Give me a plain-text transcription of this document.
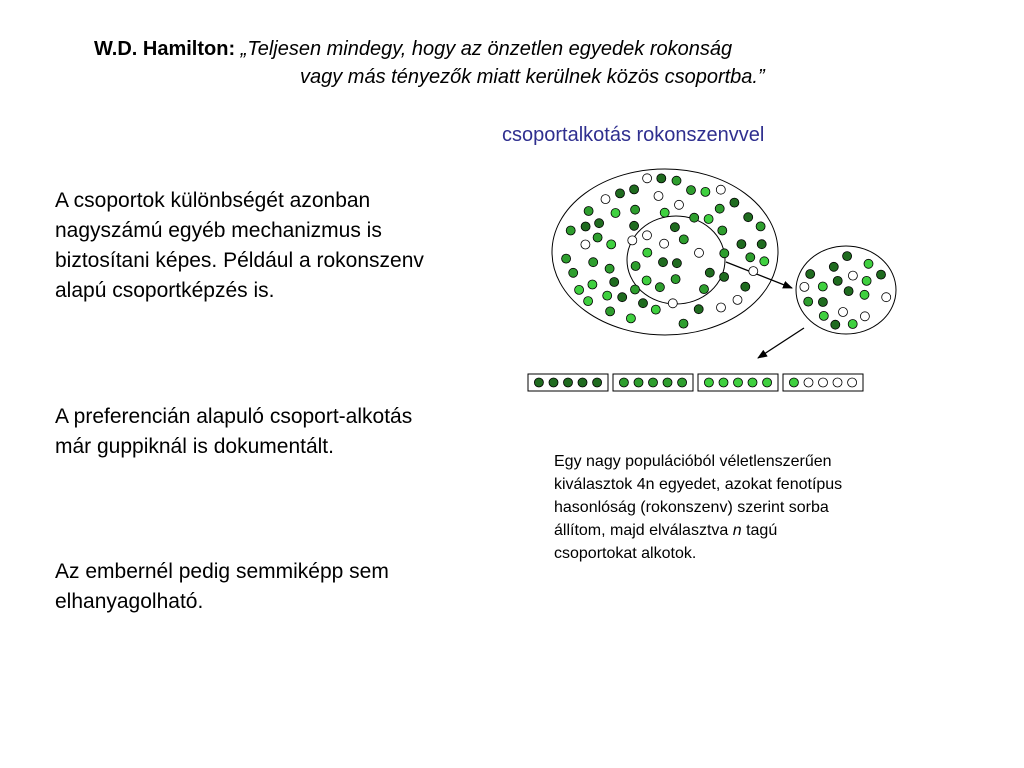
W.D. Hamilton: „Teljesen mindegy, hogy az önzetlen egyedek rokonság
vagy más tényezők miatt kerülnek közös csoportba.”
csoportalkotás rokonszenvvel
A csoportok különbségét azonban nagyszámú egyéb mechanizmus is biztosítani képes. Például a rokonszenv alapú csoportképzés is.
A preferencián alapuló csoport-alkotás már guppiknál is dokumentált.
Az embernél pedig semmiképp sem elhanyagolható.
Egy nagy populációból véletlenszerűen kiválasztok 4n egyedet, azokat fenotípus hasonlóság (rokonszenv) szerint sorba állítom, majd elválasztva n tagú csoportokat alkotok.
